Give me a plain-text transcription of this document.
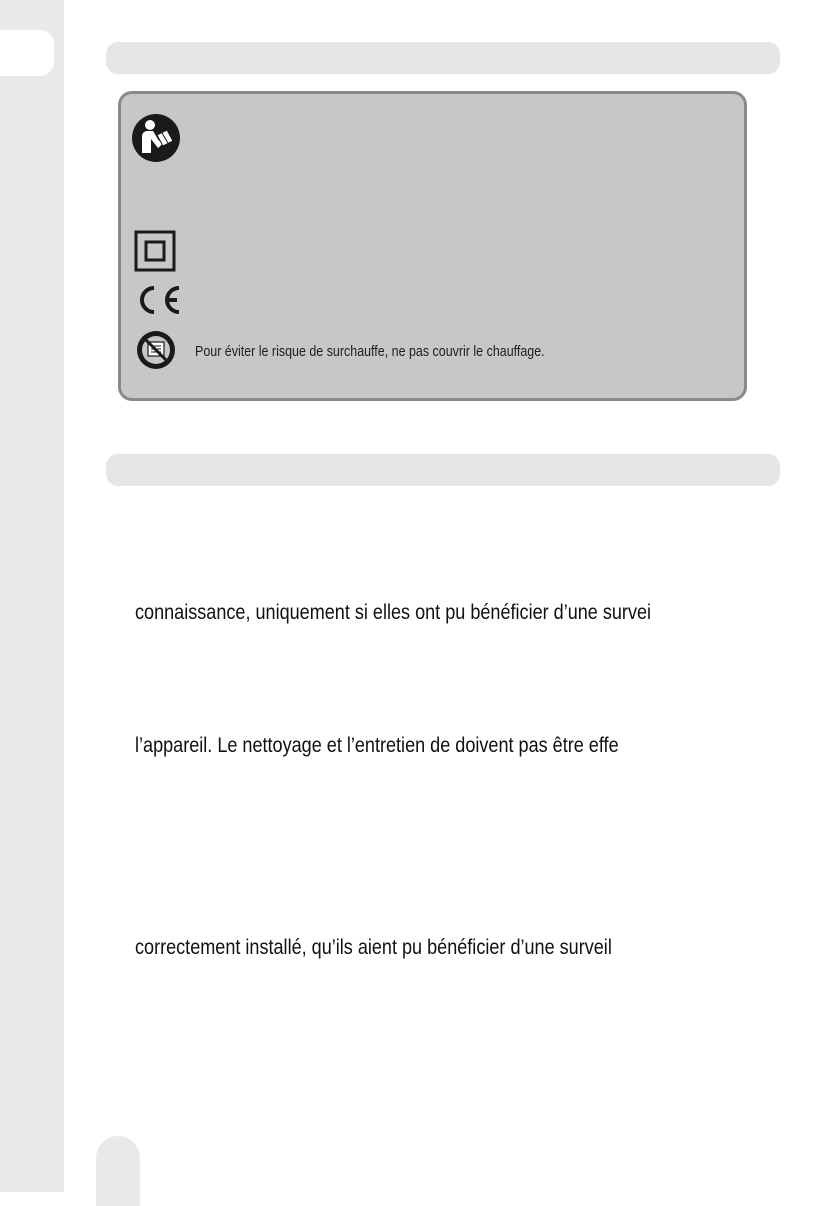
Pour éviter le risque de surchauffe, ne pas couvrir le chauffage.
connaissance, uniquement si elles ont pu bénéficier d’une survei
l’appareil. Le nettoyage et l’entretien de doivent pas être effe
correctement installé, qu’ils aient pu bénéficier d’une surveil
